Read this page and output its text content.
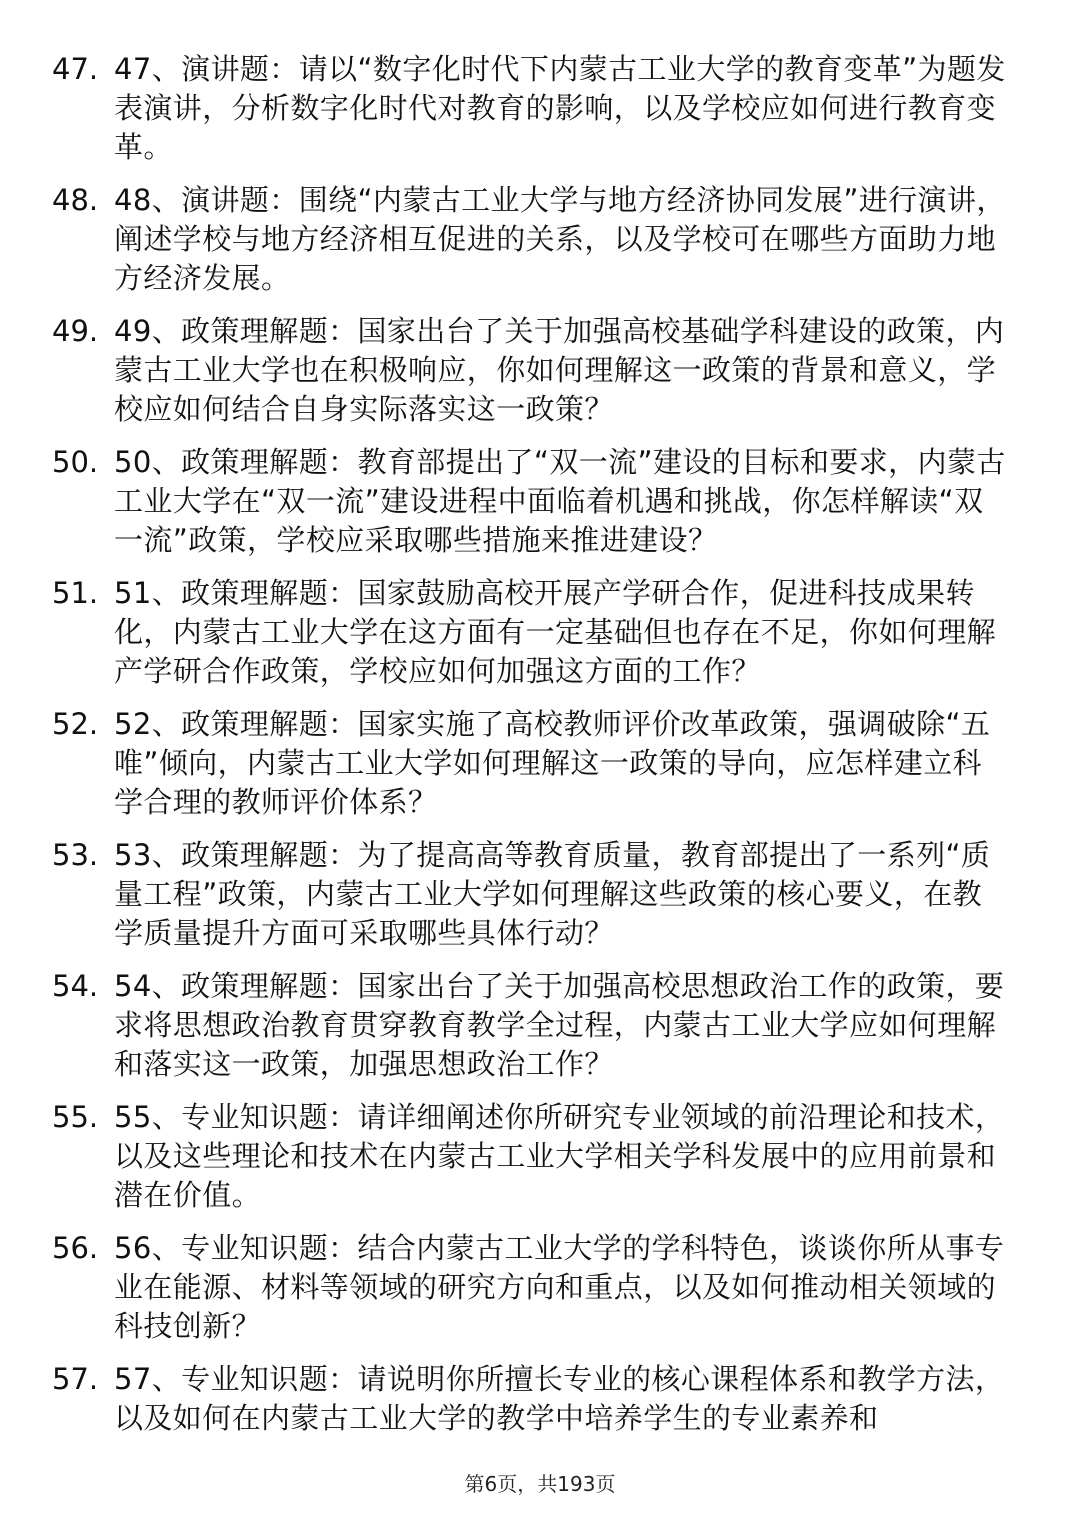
47. 47、演讲题：请以“数字化时代下内蒙古工业大学的教育变革”为题发表演讲，分析数字化时代对教育的影响，以及学校应如何进行教育变革。
48. 48、演讲题：围绕“内蒙古工业大学与地方经济协同发展”进行演讲，阐述学校与地方经济相互促进的关系，以及学校可在哪些方面助力地方经济发展。
49. 49、政策理解题：国家出台了关于加强高校基础学科建设的政策，内蒙古工业大学也在积极响应，你如何理解这一政策的背景和意义，学校应如何结合自身实际落实这一政策？
50. 50、政策理解题：教育部提出了“双一流”建设的目标和要求，内蒙古工业大学在“双一流”建设进程中面临着机遇和挑战，你怎样解读“双一流”政策，学校应采取哪些措施来推进建设？
51. 51、政策理解题：国家鼓励高校开展产学研合作，促进科技成果转化，内蒙古工业大学在这方面有一定基础但也存在不足，你如何理解产学研合作政策，学校应如何加强这方面的工作？
52. 52、政策理解题：国家实施了高校教师评价改革政策，强调破除“五唯”倾向，内蒙古工业大学如何理解这一政策的导向，应怎样建立科学合理的教师评价体系？
53. 53、政策理解题：为了提高高等教育质量，教育部提出了一系列“质量工程”政策，内蒙古工业大学如何理解这些政策的核心要义，在教学质量提升方面可采取哪些具体行动？
54. 54、政策理解题：国家出台了关于加强高校思想政治工作的政策，要求将思想政治教育贯穿教育教学全过程，内蒙古工业大学应如何理解和落实这一政策，加强思想政治工作？
55. 55、专业知识题：请详细阐述你所研究专业领域的前沿理论和技术，以及这些理论和技术在内蒙古工业大学相关学科发展中的应用前景和潜在价值。
56. 56、专业知识题：结合内蒙古工业大学的学科特色，谈谈你所从事专业在能源、材料等领域的研究方向和重点，以及如何推动相关领域的科技创新？
57. 57、专业知识题：请说明你所擅长专业的核心课程体系和教学方法，以及如何在内蒙古工业大学的教学中培养学生的专业素养和
第6页，共193页
